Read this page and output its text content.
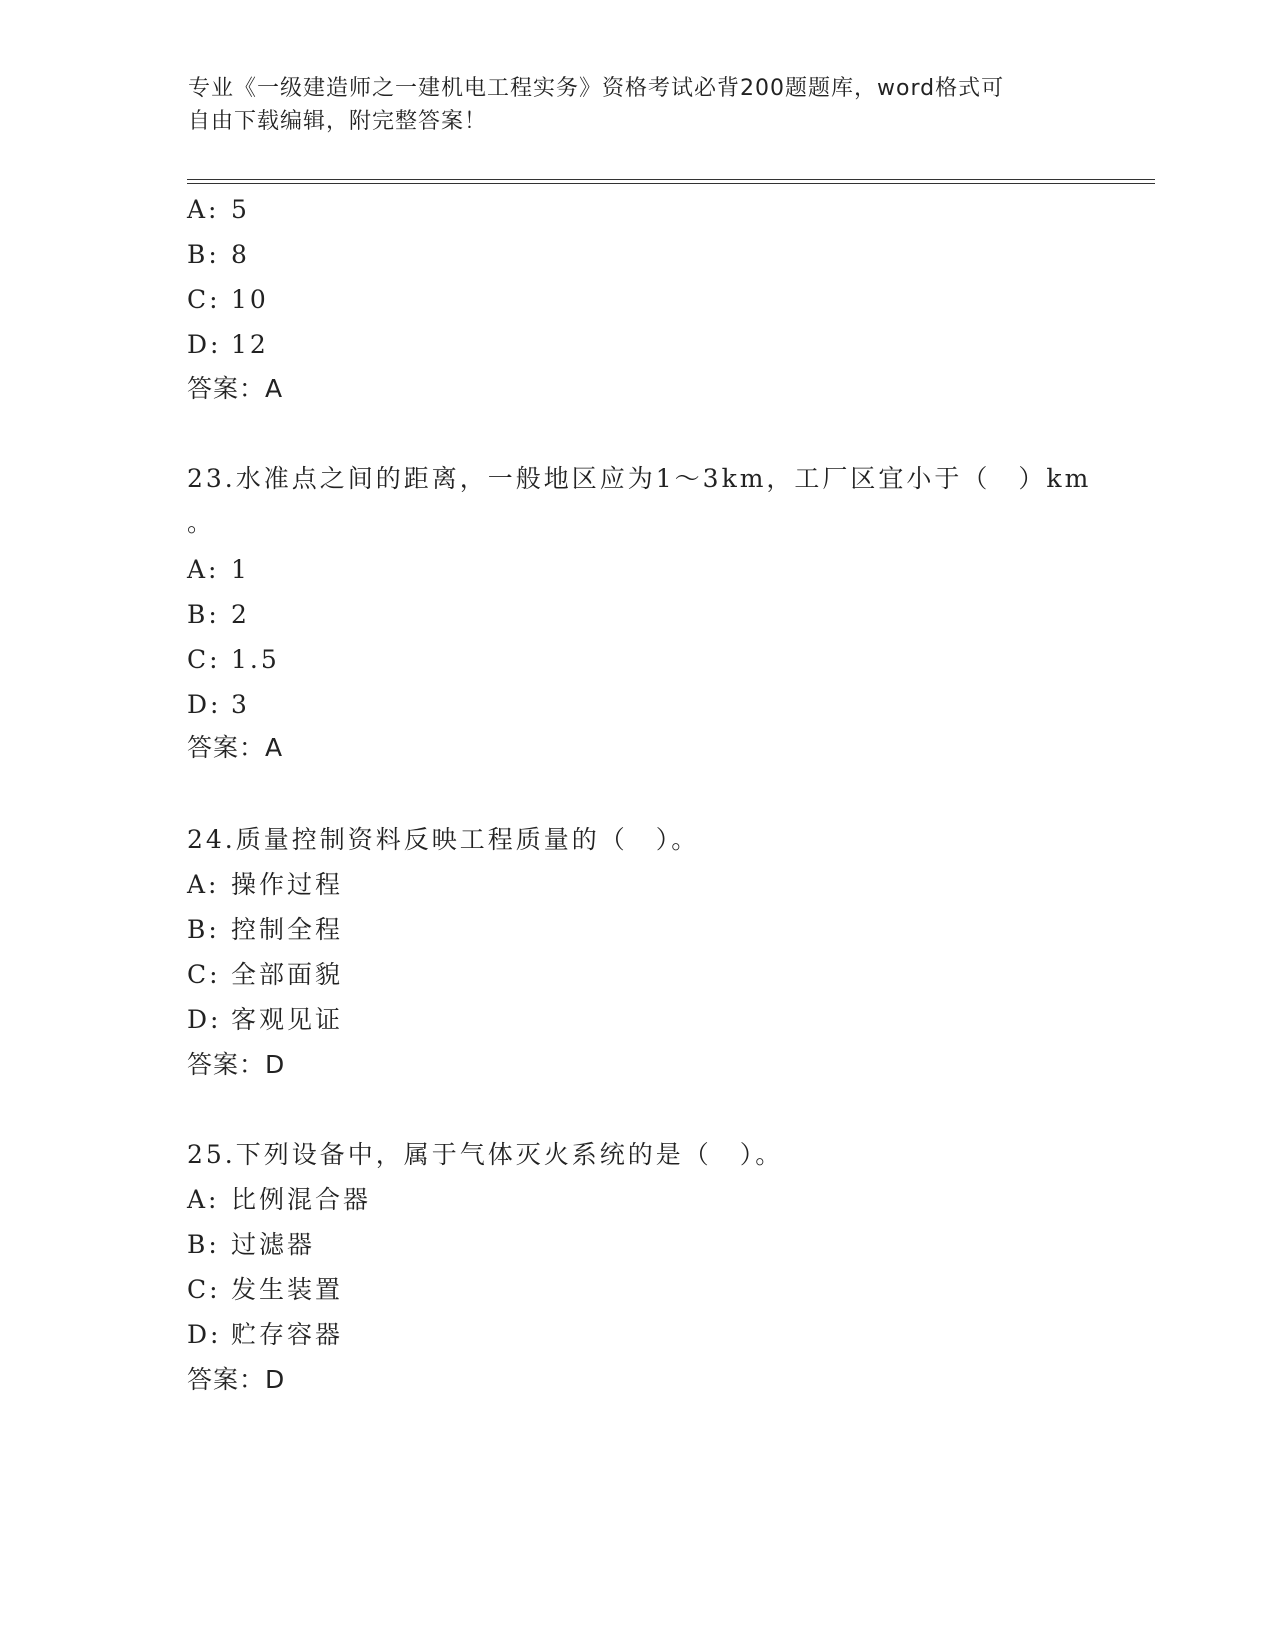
专业《一级建造师之一建机电工程实务》资格考试必背200题题库，word格式可
自由下载编辑，附完整答案！
A: 5
B: 8
C: 10
D: 12
答案：A
23.水准点之间的距离，一般地区应为1～3km，工厂区宜小于（　）km
。
A: 1
B: 2
C: 1.5
D: 3
答案：A
24.质量控制资料反映工程质量的（　）。
A: 操作过程
B: 控制全程
C: 全部面貌
D: 客观见证
答案：D
25.下列设备中，属于气体灭火系统的是（　）。
A: 比例混合器
B: 过滤器
C: 发生装置
D: 贮存容器
答案：D
